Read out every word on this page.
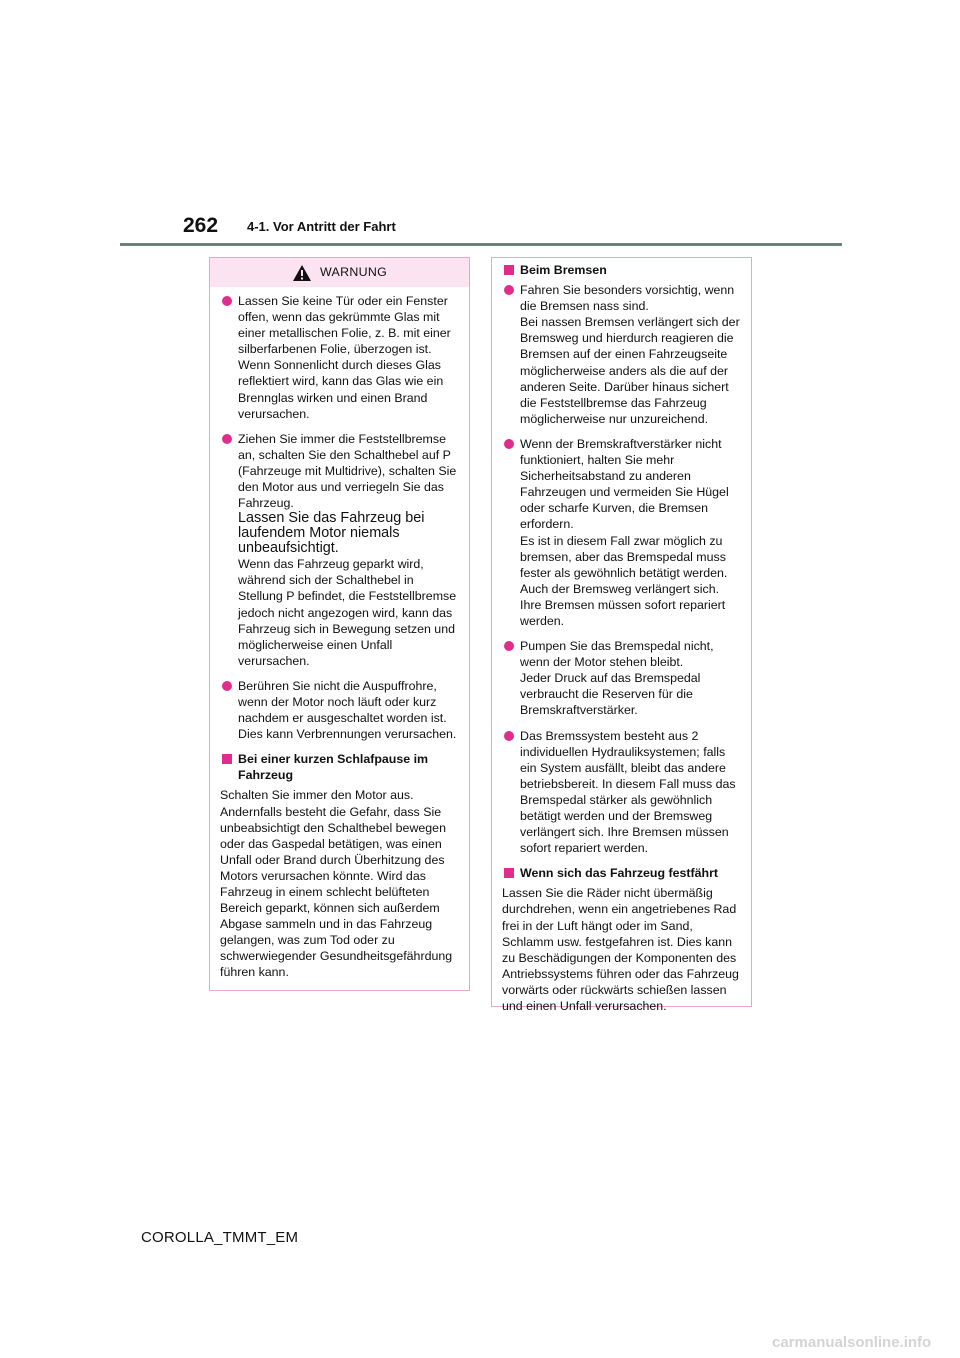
262 4-1. Vor Antritt der Fahrt
WARNUNG

Lassen Sie keine Tür oder ein Fenster offen, wenn das gekrümmte Glas mit einer metallischen Folie, z. B. mit einer silberfarbenen Folie, überzogen ist. Wenn Sonnenlicht durch dieses Glas reflektiert wird, kann das Glas wie ein Brennglas wirken und einen Brand verursachen.

Ziehen Sie immer die Feststellbremse an, schalten Sie den Schalthebel auf P (Fahrzeuge mit Multidrive), schalten Sie den Motor aus und verriegeln Sie das Fahrzeug.

Lassen Sie das Fahrzeug bei laufendem Motor niemals unbeaufsichtigt.

Wenn das Fahrzeug geparkt wird, während sich der Schalthebel in Stellung P befindet, die Feststellbremse jedoch nicht angezogen wird, kann das Fahrzeug sich in Bewegung setzen und möglicherweise einen Unfall verursachen.

Berühren Sie nicht die Auspuffrohre, wenn der Motor noch läuft oder kurz nachdem er ausgeschaltet worden ist. Dies kann Verbrennungen verursachen.

Bei einer kurzen Schlafpause im Fahrzeug

Schalten Sie immer den Motor aus. Andernfalls besteht die Gefahr, dass Sie unbeabsichtigt den Schalthebel bewegen oder das Gaspedal betätigen, was einen Unfall oder Brand durch Überhitzung des Motors verursachen könnte. Wird das Fahrzeug in einem schlecht belüfteten Bereich geparkt, können sich außerdem Abgase sammeln und in das Fahrzeug gelangen, was zum Tod oder zu schwerwiegender Gesundheitsgefährdung führen kann.

Beim Bremsen

Fahren Sie besonders vorsichtig, wenn die Bremsen nass sind.

Bei nassen Bremsen verlängert sich der Bremsweg und hierdurch reagieren die Bremsen auf der einen Fahrzeugseite möglicherweise anders als die auf der anderen Seite. Darüber hinaus sichert die Feststellbremse das Fahrzeug möglicherweise nur unzureichend.

Wenn der Bremskraftverstärker nicht funktioniert, halten Sie mehr Sicherheitsabstand zu anderen Fahrzeugen und vermeiden Sie Hügel oder scharfe Kurven, die Bremsen erfordern.

Es ist in diesem Fall zwar möglich zu bremsen, aber das Bremspedal muss fester als gewöhnlich betätigt werden. Auch der Bremsweg verlängert sich. Ihre Bremsen müssen sofort repariert werden.

Pumpen Sie das Bremspedal nicht, wenn der Motor stehen bleibt.

Jeder Druck auf das Bremspedal verbraucht die Reserven für die Bremskraftverstärker.

Das Bremssystem besteht aus 2 individuellen Hydrauliksystemen; falls ein System ausfällt, bleibt das andere betriebsbereit. In diesem Fall muss das Bremspedal stärker als gewöhnlich betätigt werden und der Bremsweg verlängert sich. Ihre Bremsen müssen sofort repariert werden.

Wenn sich das Fahrzeug festfährt

Lassen Sie die Räder nicht übermäßig durchdrehen, wenn ein angetriebenes Rad frei in der Luft hängt oder im Sand, Schlamm usw. festgefahren ist. Dies kann zu Beschädigungen der Komponenten des Antriebssystems führen oder das Fahrzeug vorwärts oder rückwärts schießen lassen und einen Unfall verursachen.

COROLLA_TMMT_EM
carmanualsonline.info
